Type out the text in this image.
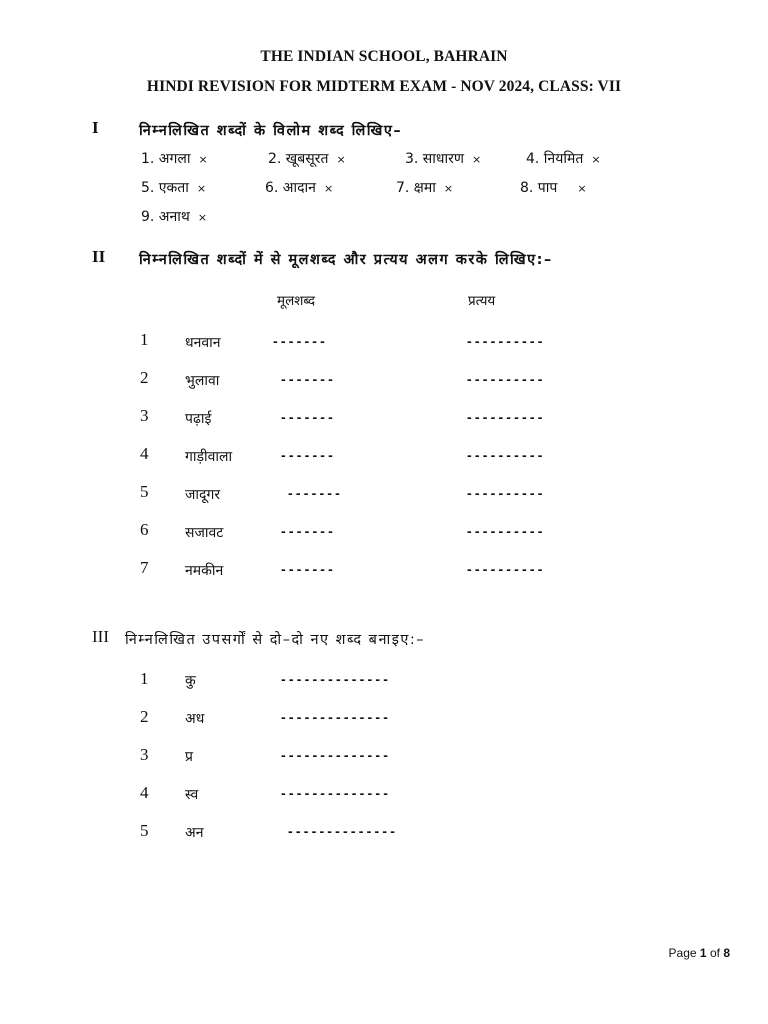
THE INDIAN SCHOOL, BAHRAIN
HINDI REVISION FOR MIDTERM EXAM - NOV 2024, CLASS: VII
I	निम्नलिखित शब्दों के विलोम शब्द लिखिए–
1. अगला ×	2. खूबसूरत ×	3. साधारण ×	4. नियमित ×
5. एकता ×	6. आदान ×	7. क्षमा ×	8. पाप ×
9. अनाथ ×
II निम्नलिखित शब्दों में से मूलशब्द और प्रत्यय अलग करके लिखिए:–
मूलशब्द	प्रत्यय
1	धनवान	-------	----------
2	भुलावा	-------	----------
3	पढ़ाई	-------	----------
4	गाड़ीवाला	-------	----------
5	जादूगर	-------	----------
6	सजावट	-------	----------
7	नमकीन	-------	----------
III निम्नलिखित उपसर्गों से दो–दो नए शब्द बनाइए:–
1	कु	--------------
2	अध	--------------
3	प्र	--------------
4	स्व	--------------
5	अन	--------------
Page 1 of 8
